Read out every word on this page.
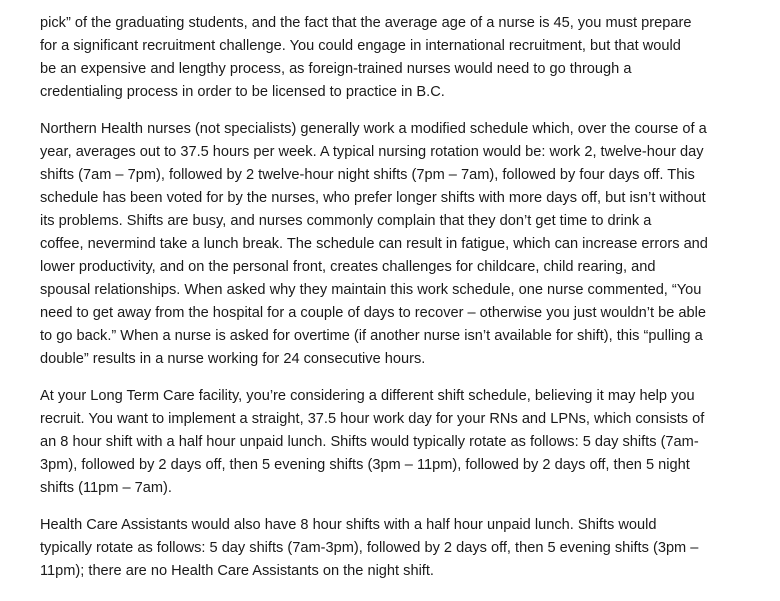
pick” of the graduating students, and the fact that the average age of a nurse is 45, you must prepare
for a significant recruitment challenge. You could engage in international recruitment, but that would
be an expensive and lengthy process, as foreign-trained nurses would need to go through a
credentialing process in order to be licensed to practice in B.C.

Northern Health nurses (not specialists) generally work a modified schedule which, over the course of a
year, averages out to 37.5 hours per week. A typical nursing rotation would be: work 2, twelve-hour day
shifts (7am – 7pm), followed by 2 twelve-hour night shifts (7pm – 7am), followed by four days off. This
schedule has been voted for by the nurses, who prefer longer shifts with more days off, but isn’t without
its problems. Shifts are busy, and nurses commonly complain that they don’t get time to drink a
coffee, nevermind take a lunch break. The schedule can result in fatigue, which can increase errors and
lower productivity, and on the personal front, creates challenges for childcare, child rearing, and
spousal relationships. When asked why they maintain this work schedule, one nurse commented, “You
need to get away from the hospital for a couple of days to recover – otherwise you just wouldn’t be able
to go back.” When a nurse is asked for overtime (if another nurse isn’t available for shift), this “pulling a
double” results in a nurse working for 24 consecutive hours.

At your Long Term Care facility, you’re considering a different shift schedule, believing it may help you
recruit. You want to implement a straight, 37.5 hour work day for your RNs and LPNs, which consists of
an 8 hour shift with a half hour unpaid lunch. Shifts would typically rotate as follows: 5 day shifts (7am-
3pm), followed by 2 days off, then 5 evening shifts (3pm – 11pm), followed by 2 days off, then 5 night
shifts (11pm – 7am).

Health Care Assistants would also have 8 hour shifts with a half hour unpaid lunch. Shifts would
typically rotate as follows: 5 day shifts (7am-3pm), followed by 2 days off, then 5 evening shifts (3pm –
11pm); there are no Health Care Assistants on the night shift.
